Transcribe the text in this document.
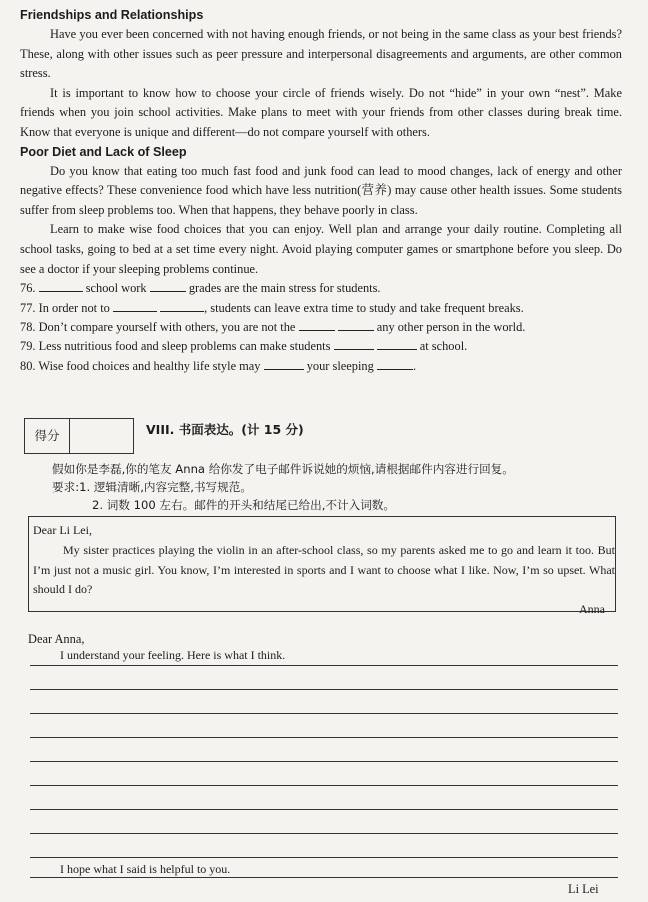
Friendships and Relationships

Have you ever been concerned with not having enough friends, or not being in the same class as your best friends? These, along with other issues such as peer pressure and interpersonal disagreements and arguments, are other common stress.

It is important to know how to choose your circle of friends wisely. Do not “hide” in your own “nest”. Make friends when you join school activities. Make plans to meet with your friends from other classes during break time. Know that everyone is unique and different—do not compare yourself with others.

Poor Diet and Lack of Sleep

Do you know that eating too much fast food and junk food can lead to mood changes, lack of energy and other negative effects? These convenience food which have less nutrition(营养) may cause other health issues. Some students suffer from sleep problems too. When that happens, they behave poorly in class.

Learn to make wise food choices that you can enjoy. Well plan and arrange your daily routine. Completing all school tasks, going to bed at a set time every night. Avoid playing computer games or smartphone before you sleep. Do see a doctor if your sleeping problems continue.

76.	school work	grades are the main stress for students.

77. In order not to	, students can leave extra time to study and take frequent breaks.

78. Don’t compare yourself with others, you are not the	any other person in the world.

79. Less nutritious food and sleep problems can make students	at school.

80. Wise food choices and healthy life style may	your sleeping	.

得分	VIII. 书面表达。(计 15 分)
假如你是李磊,你的笔友 Anna 给你发了电子邮件诉说她的烦恼,请根据邮件内容进行回复。
要求:1. 逻辑清晰,内容完整,书写规范。
2. 词数 100 左右。邮件的开头和结尾已给出,不计入词数。

Dear Li Lei,

My sister practices playing the violin in an after-school class, so my parents asked me to go and learn it too. But I’m just not a music girl. You know, I’m interested in sports and I want to choose what I like. Now, I’m so upset. What should I do?

Anna

Dear Anna,
I understand your feeling. Here is what I think.
I hope what I said is helpful to you.
Li Lei
